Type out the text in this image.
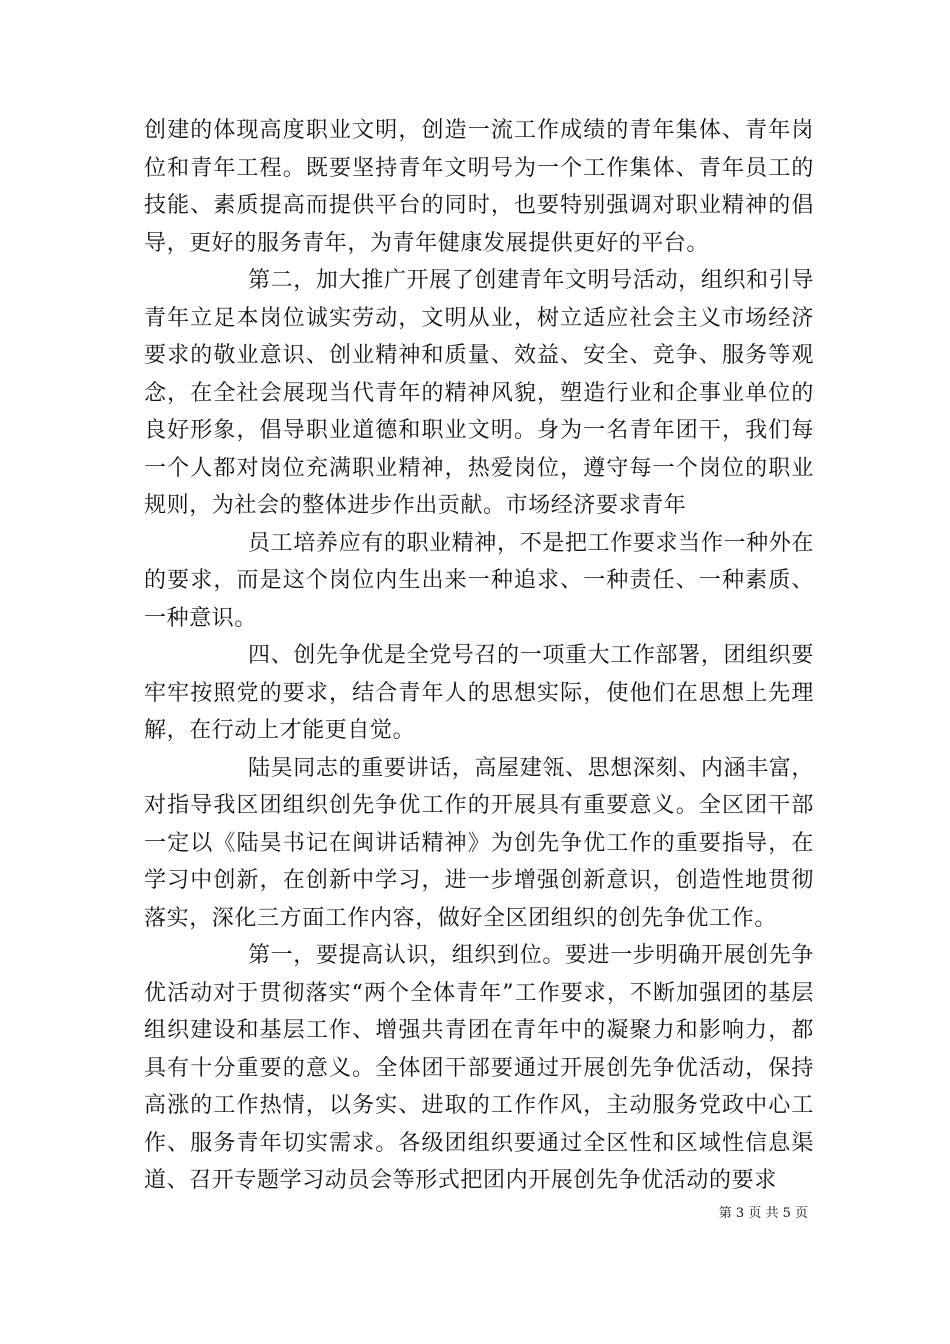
创建的体现高度职业文明，创造一流工作成绩的青年集体、青年岗位和青年工程。既要坚持青年文明号为一个工作集体、青年员工的技能、素质提高而提供平台的同时，也要特别强调对职业精神的倡导，更好的服务青年，为青年健康发展提供更好的平台。

第二，加大推广开展了创建青年文明号活动，组织和引导青年立足本岗位诚实劳动，文明从业，树立适应社会主义市场经济要求的敬业意识、创业精神和质量、效益、安全、竞争、服务等观念，在全社会展现当代青年的精神风貌，塑造行业和企事业单位的良好形象，倡导职业道德和职业文明。身为一名青年团干，我们每一个人都对岗位充满职业精神，热爱岗位，遵守每一个岗位的职业规则，为社会的整体进步作出贡献。市场经济要求青年

员工培养应有的职业精神，不是把工作要求当作一种外在的要求，而是这个岗位内生出来一种追求、一种责任、一种素质、一种意识。

四、创先争优是全党号召的一项重大工作部署，团组织要牢牢按照党的要求，结合青年人的思想实际，使他们在思想上先理解，在行动上才能更自觉。

陆昊同志的重要讲话，高屋建瓴、思想深刻、内涵丰富，对指导我区团组织创先争优工作的开展具有重要意义。全区团干部一定以《陆昊书记在闽讲话精神》为创先争优工作的重要指导，在学习中创新，在创新中学习，进一步增强创新意识，创造性地贯彻落实，深化三方面工作内容，做好全区团组织的创先争优工作。

第一，要提高认识，组织到位。要进一步明确开展创先争优活动对于贯彻落实“两个全体青年”工作要求，不断加强团的基层组织建设和基层工作、增强共青团在青年中的凝聚力和影响力，都具有十分重要的意义。全体团干部要通过开展创先争优活动，保持高涨的工作热情，以务实、进取的工作作风，主动服务党政中心工作、服务青年切实需求。各级团组织要通过全区性和区域性信息渠道、召开专题学习动员会等形式把团内开展创先争优活动的要求

第 3 页 共 5 页
